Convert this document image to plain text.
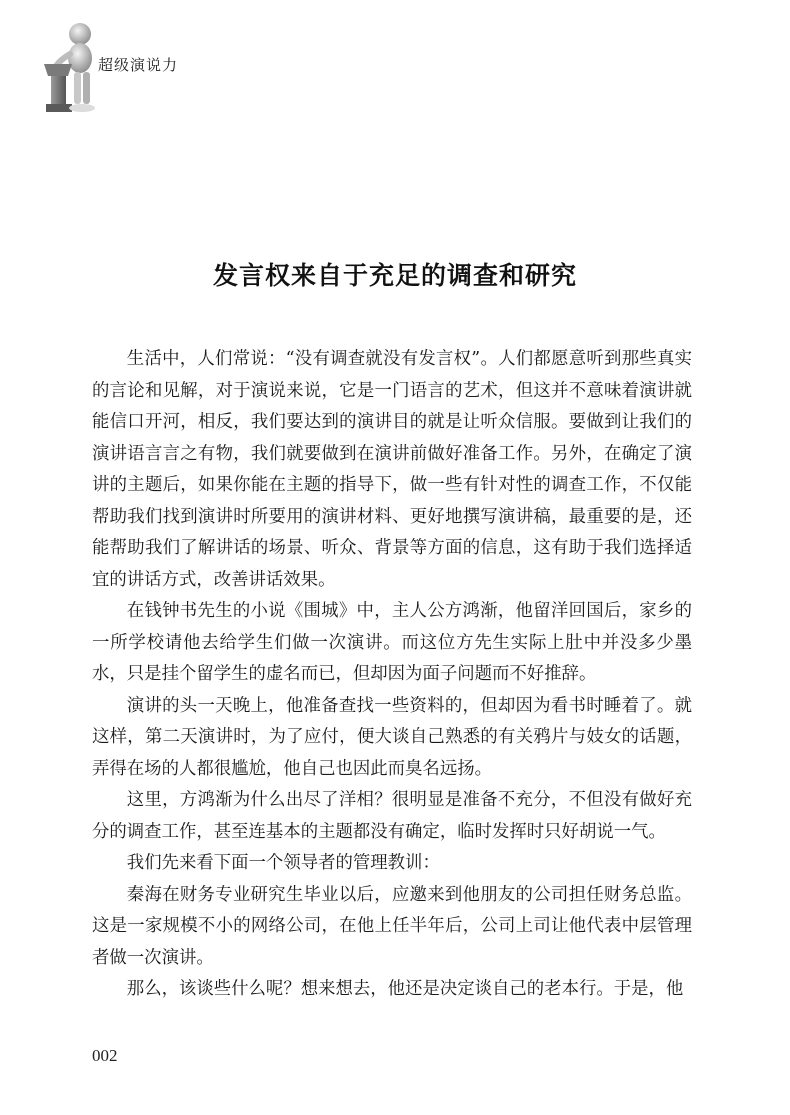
超级演说力
发言权来自于充足的调查和研究

生活中，人们常说：“没有调查就没有发言权”。人们都愿意听到那些真实的言论和见解，对于演说来说，它是一门语言的艺术，但这并不意味着演讲就能信口开河，相反，我们要达到的演讲目的就是让听众信服。要做到让我们的演讲语言言之有物，我们就要做到在演讲前做好准备工作。另外，在确定了演讲的主题后，如果你能在主题的指导下，做一些有针对性的调查工作，不仅能帮助我们找到演讲时所要用的演讲材料、更好地撰写演讲稿，最重要的是，还能帮助我们了解讲话的场景、听众、背景等方面的信息，这有助于我们选择适宜的讲话方式，改善讲话效果。

在钱钟书先生的小说《围城》中，主人公方鸿渐，他留洋回国后，家乡的一所学校请他去给学生们做一次演讲。而这位方先生实际上肚中并没多少墨水，只是挂个留学生的虚名而已，但却因为面子问题而不好推辞。

演讲的头一天晚上，他准备查找一些资料的，但却因为看书时睡着了。就这样，第二天演讲时，为了应付，便大谈自己熟悉的有关鸦片与妓女的话题，弄得在场的人都很尴尬，他自己也因此而臭名远扬。

这里，方鸿渐为什么出尽了洋相？很明显是准备不充分，不但没有做好充分的调查工作，甚至连基本的主题都没有确定，临时发挥时只好胡说一气。

我们先来看下面一个领导者的管理教训：

秦海在财务专业研究生毕业以后，应邀来到他朋友的公司担任财务总监。这是一家规模不小的网络公司，在他上任半年后，公司上司让他代表中层管理者做一次演讲。

那么，该谈些什么呢？想来想去，他还是决定谈自己的老本行。于是，他

002
